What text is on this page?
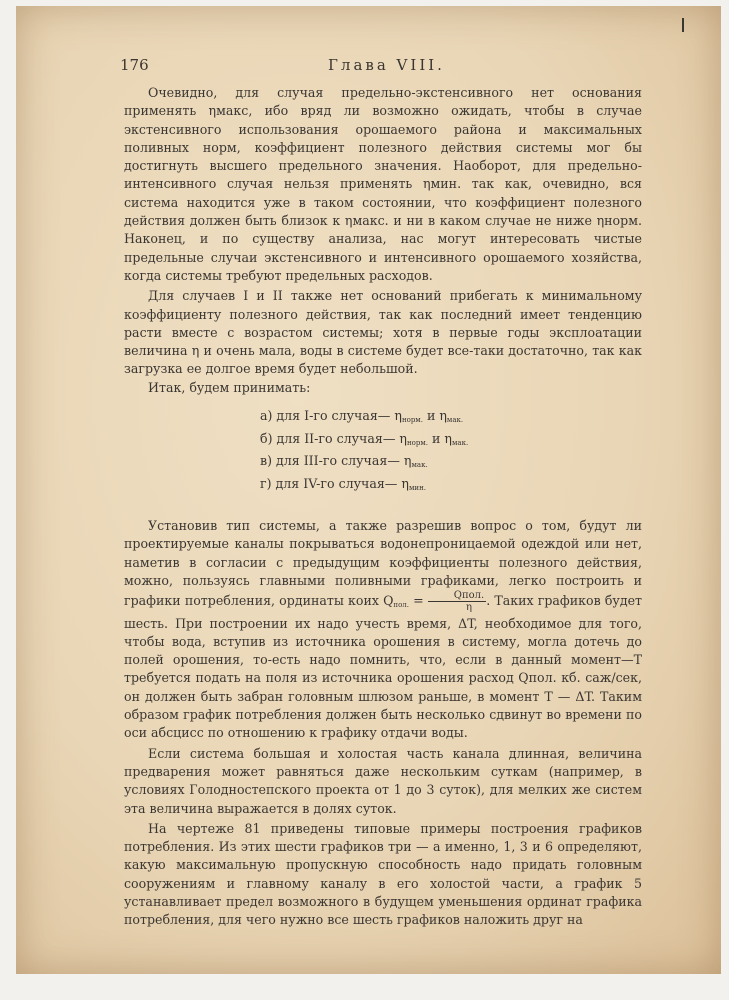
176	Глава VIII.

Очевидно, для случая предельно-экстенсивного нет основания применять ηмакс, ибо вряд ли возможно ожидать, чтобы в случае экстенсивного использования орошаемого района и максимальных поливных норм, коэффициент полезного действия системы мог бы достигнуть высшего предельного значения. Наоборот, для предельно-интенсивного случая нельзя применять ηмин. так как, очевидно, вся система находится уже в таком состоянии, что коэффициент полезного действия должен быть близок к ηмакс. и ни в каком случае не ниже ηнорм. Наконец, и по существу анализа, нас могут интересовать чистые предельные случаи экстенсивного и интенсивного орошаемого хозяйства, когда системы требуют предельных расходов.

Для случаев I и II также нет оснований прибегать к минимальному коэффициенту полезного действия, так как последний имеет тенденцию расти вместе с возрастом системы; хотя в первые годы эксплоатации величина η и очень мала, воды в системе будет все-таки достаточно, так как загрузка ее долгое время будет небольшой.

Итак, будем принимать:

а) для I-го случая— $\eta_{норм.}$ и $\eta_{мак.}$
б) для II-го случая— $\eta_{норм.}$ и $\eta_{мак.}$
в) для III-го случая— $\eta_{мак.}$
г) для IV-го случая— $\eta_{мин.}$

Установив тип системы, а также разрешив вопрос о том, будут ли проектируемые каналы покрываться водонепроницаемой одеждой или нет, наметив в согласии с предыдущим коэффициенты полезного действия, можно, пользуясь главными поливными графиками, легко построить и графики потребления, ординаты коих $Q_{пол.} = \frac{\text{Qпол.}}{\eta}$ . Таких графиков будет шесть. При построении их надо учесть время, ΔT, необходимое для того, чтобы вода, вступив из источника орошения в систему, могла дотечь до полей орошения, то-есть надо помнить, что, если в данный момент—T требуется подать на поля из источника орошения расход Qпол. кб. саж/сек, он должен быть забран головным шлюзом раньше, в момент T — ΔT. Таким образом график потребления должен быть несколько сдвинут во времени по оси абсцисс по отношению к графику отдачи воды.

Если система большая и холостая часть канала длинная, величина предварения может равняться даже нескольким суткам (например, в условиях Голодностепского проекта от 1 до 3 суток), для мелких же систем эта величина выражается в долях суток.

На чертеже 81 приведены типовые примеры построения графиков потребления. Из этих шести графиков три — а именно, 1, 3 и 6 определяют, какую максимальную пропускную способность надо придать головным сооружениям и главному каналу в его холостой части, а график 5 устанавливает предел возможного в будущем уменьшения ординат графика потребления, для чего нужно все шесть графиков наложить друг на
